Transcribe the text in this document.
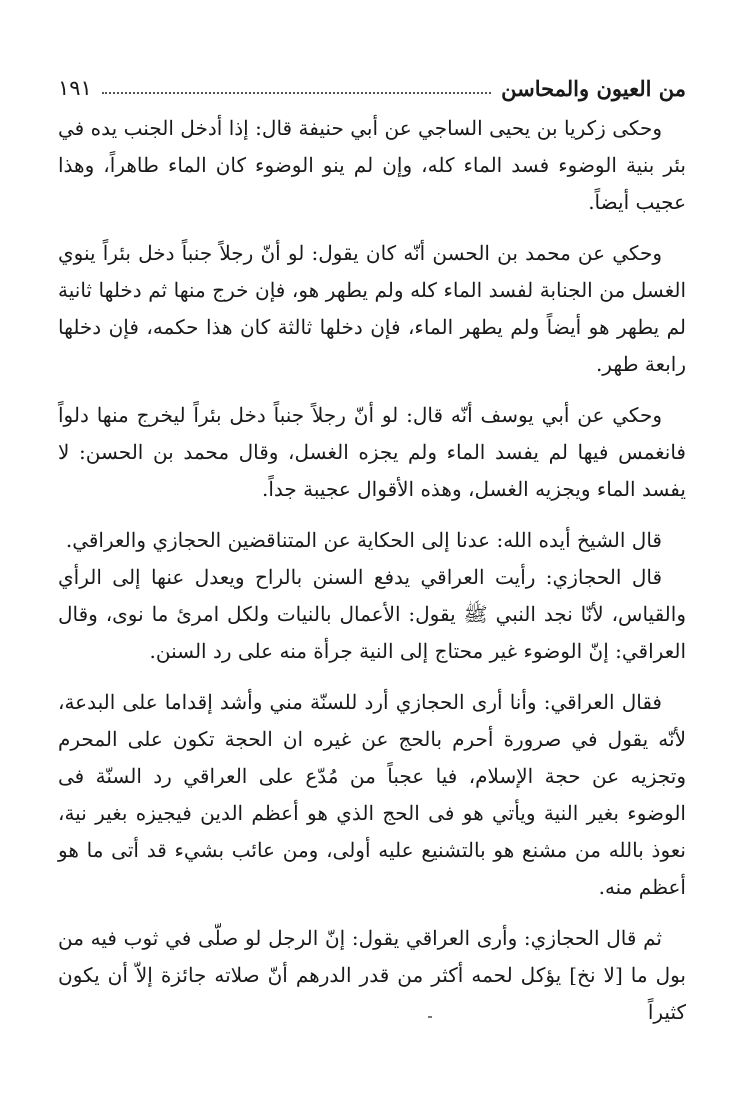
من العيون والمحاسن
١٩١

وحكى زكريا بن يحيى الساجي عن أبي حنيفة قال: إذا أدخل الجنب يده في بئر بنية الوضوء فسد الماء كله، وإن لم ينو الوضوء كان الماء طاهراً، وهذا عجيب أيضاً.

وحكي عن محمد بن الحسن أنّه كان يقول: لو أنّ رجلاً جنباً دخل بئراً ينوي الغسل من الجنابة لفسد الماء كله ولم يطهر هو، فإن خرج منها ثم دخلها ثانية لم يطهر هو أيضاً ولم يطهر الماء، فإن دخلها ثالثة كان هذا حكمه، فإن دخلها رابعة طهر.

وحكي عن أبي يوسف أنّه قال: لو أنّ رجلاً جنباً دخل بئراً ليخرج منها دلواً فانغمس فيها لم يفسد الماء ولم يجزه الغسل، وقال محمد بن الحسن: لا يفسد الماء ويجزيه الغسل، وهذه الأقوال عجيبة جداً.

قال الشيخ أيده الله: عدنا إلى الحكاية عن المتناقضين الحجازي والعراقي.

قال الحجازي: رأيت العراقي يدفع السنن بالراح ويعدل عنها إلى الرأي والقياس، لأنّا نجد النبي ﷺ يقول: الأعمال بالنيات ولكل امرئ ما نوى، وقال العراقي: إنّ الوضوء غير محتاج إلى النية جرأة منه على رد السنن.

فقال العراقي: وأنا أرى الحجازي أرد للسنّة مني وأشد إقداما على البدعة، لأنّه يقول في صرورة أحرم بالحج عن غيره ان الحجة تكون على المحرم وتجزيه عن حجة الإسلام، فيا عجباً من مُدّع على العراقي رد السنّة فى الوضوء بغير النية ويأتي هو فى الحج الذي هو أعظم الدين فيجيزه بغير نية، نعوذ بالله من مشنع هو بالتشنيع عليه أولى، ومن عائب بشيء قد أتى ما هو أعظم منه.

ثم قال الحجازي: وأرى العراقي يقول: إنّ الرجل لو صلّى في ثوب فيه من بول ما [لا نخ] يؤكل لحمه أكثر من قدر الدرهم أنّ صلاته جائزة إلاّ أن يكون كثيراً
